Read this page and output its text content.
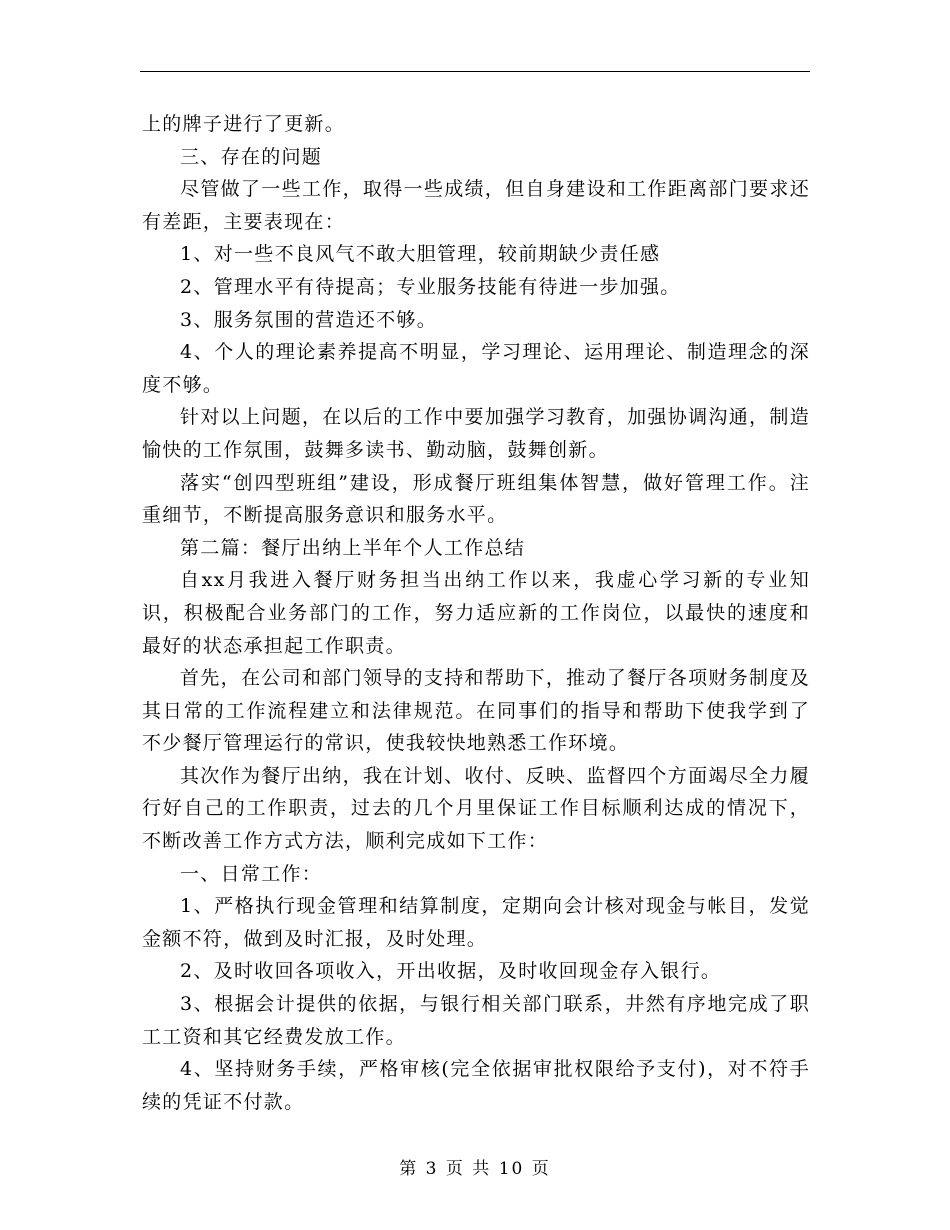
上的牌子进行了更新。

三、存在的问题

尽管做了一些工作，取得一些成绩，但自身建设和工作距离部门要求还有差距，主要表现在：

1、对一些不良风气不敢大胆管理，较前期缺少责任感

2、管理水平有待提高；专业服务技能有待进一步加强。

3、服务氛围的营造还不够。

4、个人的理论素养提高不明显，学习理论、运用理论、制造理念的深度不够。

针对以上问题，在以后的工作中要加强学习教育，加强协调沟通，制造愉快的工作氛围，鼓舞多读书、勤动脑，鼓舞创新。

落实“创四型班组”建设，形成餐厅班组集体智慧，做好管理工作。注重细节，不断提高服务意识和服务水平。

第二篇：餐厅出纳上半年个人工作总结

自xx月我进入餐厅财务担当出纳工作以来，我虚心学习新的专业知识，积极配合业务部门的工作，努力适应新的工作岗位，以最快的速度和最好的状态承担起工作职责。

首先，在公司和部门领导的支持和帮助下，推动了餐厅各项财务制度及其日常的工作流程建立和法律规范。在同事们的指导和帮助下使我学到了不少餐厅管理运行的常识，使我较快地熟悉工作环境。

其次作为餐厅出纳，我在计划、收付、反映、监督四个方面竭尽全力履行好自己的工作职责，过去的几个月里保证工作目标顺利达成的情况下，不断改善工作方式方法，顺利完成如下工作：

一、日常工作：

1、严格执行现金管理和结算制度，定期向会计核对现金与帐目，发觉金额不符，做到及时汇报，及时处理。

2、及时收回各项收入，开出收据，及时收回现金存入银行。

3、根据会计提供的依据，与银行相关部门联系，井然有序地完成了职工工资和其它经费发放工作。

4、坚持财务手续，严格审核(完全依据审批权限给予支付)，对不符手续的凭证不付款。

第 3 页 共 10 页
